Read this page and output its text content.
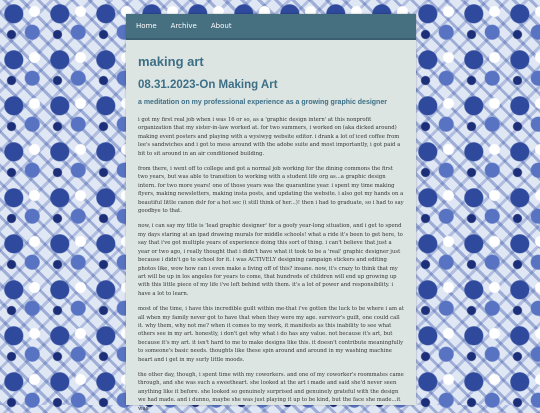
Home Archive About
making art
08.31.2023-On Making Art
a meditation on my professional experience as a growing graphic designer

i got my first real job when i was 16 or so, as a 'graphic design intern' at this nonprofit organization that my sister-in-law worked at. for two summers, i worked on (aka dicked around) making event posters and playing with a wysiwyg website editor. i drank a lot of iced coffee from lee's sandwiches and i got to mess around with the adobe suite and most importantly, i got paid a bit to sit around in an air conditioned building.

from there, i went off to college and got a normal job working for the dining commons the first two years, but was able to transition to working with a student life org as...a graphic design intern. for two more years! one of those years was the quarantine year. i spent my time making flyers, making newsletters, making insta posts, and updating the website. i also got my hands on a beautiful little canon dslr for a hot sec (i still think of her...)! then i had to graduate, so i had to say goodbye to that.

now, i can say my title is 'lead graphic designer' for a goofy year-long situation, and i get to spend my days staring at an ipad drawing murals for middle schools! what a ride it's been to get here, to say that i've got multiple years of experience doing this sort of thing. i can't believe that just a year or two ago, i really thought that i didn't have what it took to be a 'real' graphic designer just because i didn't go to school for it. i was ACTIVELY designing campaign stickers and editing photos like, wow how can i even make a living off of this? insane. now, it's crazy to think that my art will be up in los angeles for years to come, that hundreds of children will end up growing up with this little piece of my life i've left behind with them. it's a lot of power and responsibility. i have a lot to learn.

most of the time, i have this incredible guilt within me-that i've gotten the luck to be where i am at all when my family never got to have that when they were my age. survivor's guilt, one could call it. why them, why not me? when it comes to my work, it manifests as this inability to see what others see in my art. honestly, i don't get why what i do has any value. not because it's art, but because it's my art. it isn't hard to me to make designs like this. it doesn't contribute meaningfully to someone's basic needs. thoughts like these spin around and around in my washing machine heart and i get in my surly little moods.

the other day, though, i spent time with my coworkers. and one of my coworker's roommates came through, and she was such a sweetheart. she looked at the art i made and said she'd never seen anything like it before. she looked so genuinely surprised and genuinely grateful with the design we had made. and i dunno, maybe she was just playing it up to be kind, but the face she made...it was
